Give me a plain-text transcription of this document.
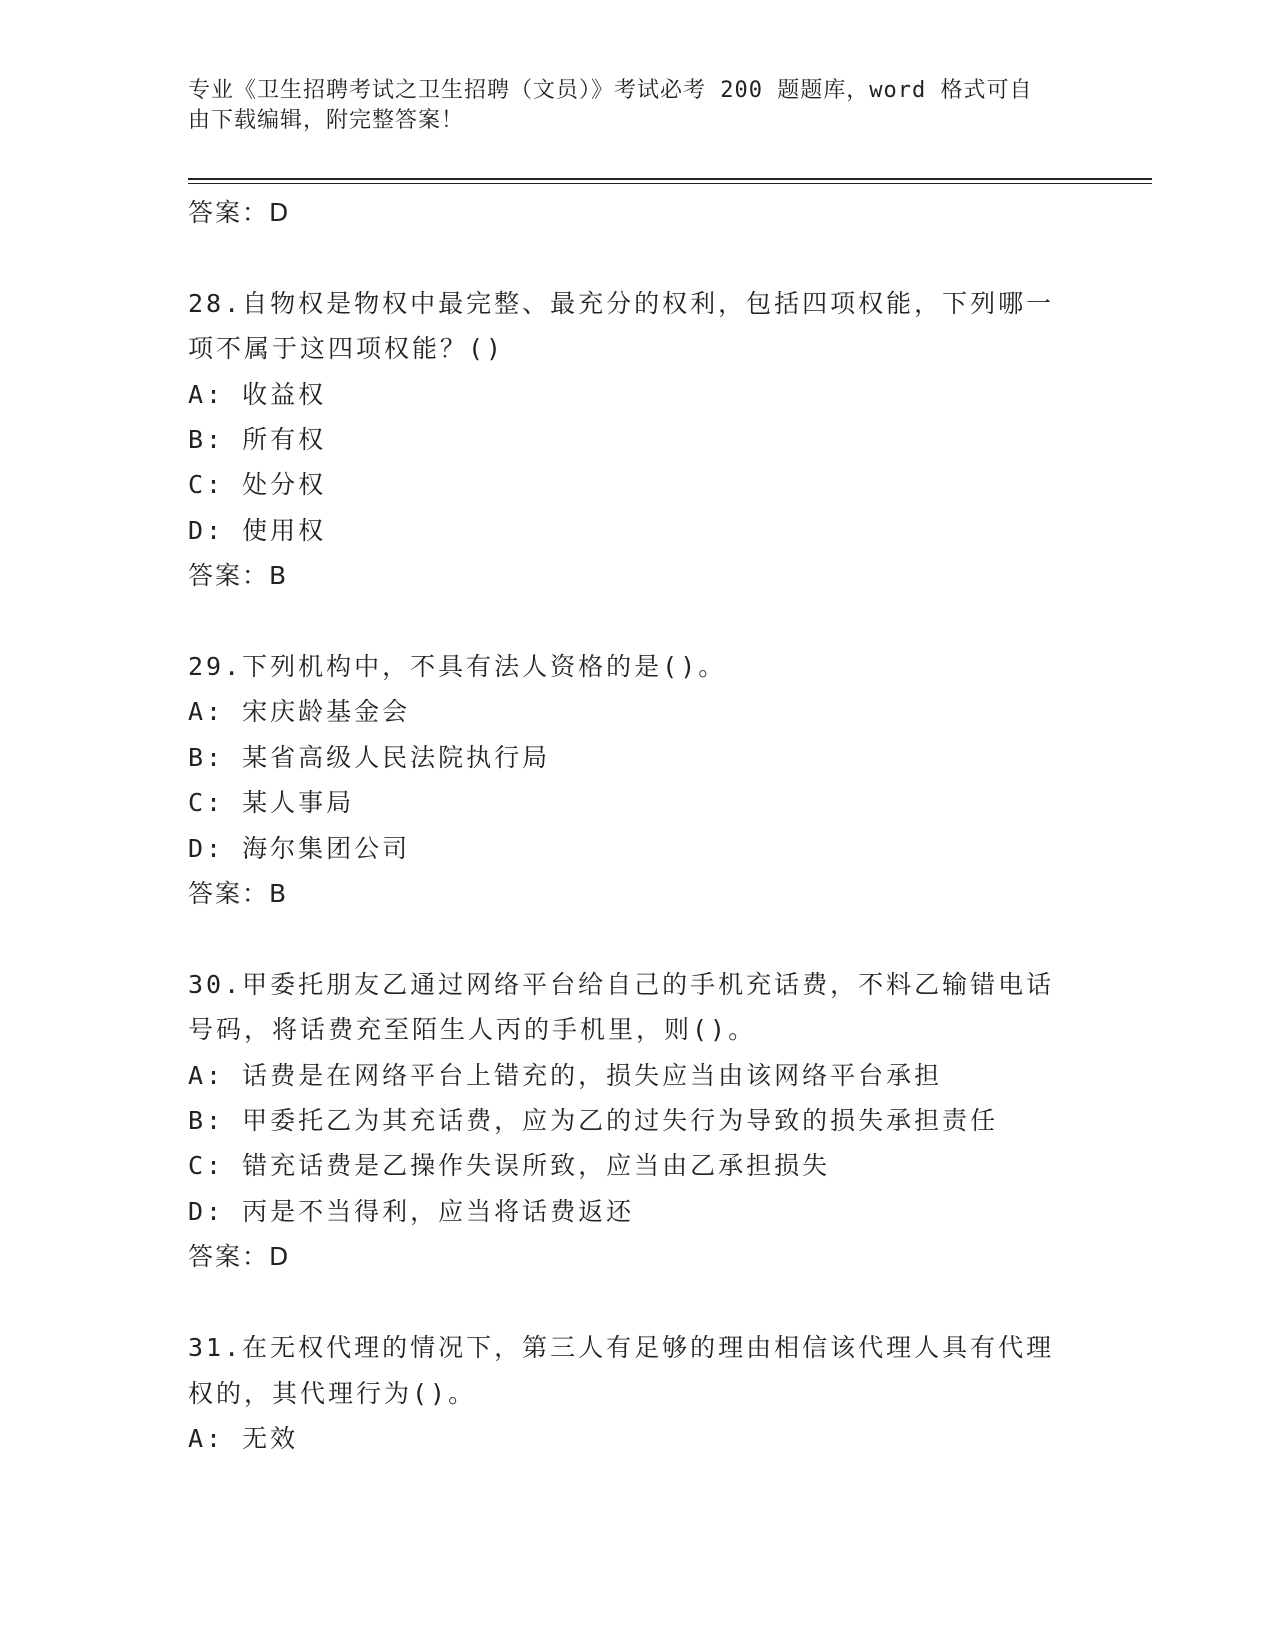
专业《卫生招聘考试之卫生招聘（文员）》考试必考 200 题题库，word 格式可自
由下载编辑，附完整答案！
答案：D
28.自物权是物权中最完整、最充分的权利，包括四项权能，下列哪一
项不属于这四项权能？()
A: 收益权
B: 所有权
C: 处分权
D: 使用权
答案：B
29.下列机构中，不具有法人资格的是()。
A: 宋庆龄基金会
B: 某省高级人民法院执行局
C: 某人事局
D: 海尔集团公司
答案：B
30.甲委托朋友乙通过网络平台给自己的手机充话费，不料乙输错电话
号码，将话费充至陌生人丙的手机里，则()。
A: 话费是在网络平台上错充的，损失应当由该网络平台承担
B: 甲委托乙为其充话费，应为乙的过失行为导致的损失承担责任
C: 错充话费是乙操作失误所致，应当由乙承担损失
D: 丙是不当得利，应当将话费返还
答案：D
31.在无权代理的情况下，第三人有足够的理由相信该代理人具有代理
权的，其代理行为()。
A: 无效
